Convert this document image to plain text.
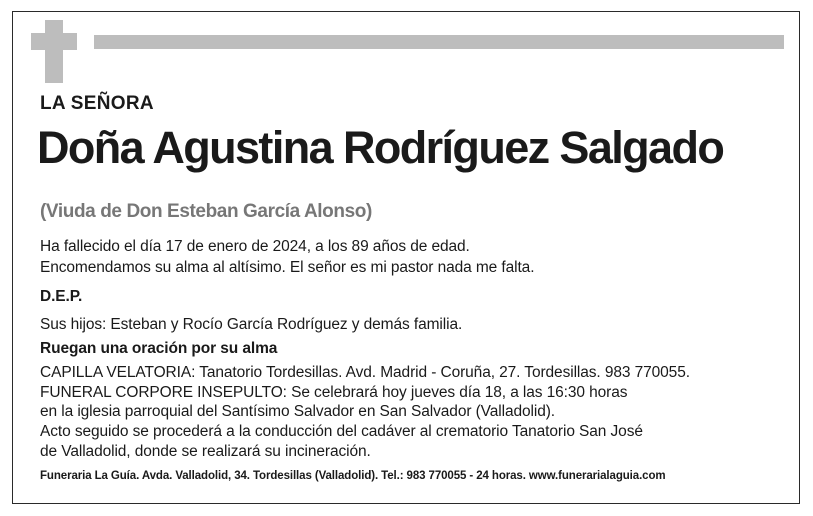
LA SEÑORA
Doña Agustina Rodríguez Salgado
(Viuda de Don Esteban García Alonso)
Ha fallecido el día 17 de enero de 2024, a los 89 años de edad.
Encomendamos su alma al altísimo. El señor es mi pastor nada me falta.
D.E.P.
Sus hijos: Esteban y Rocío García Rodríguez y demás familia.
Ruegan una oración por su alma
CAPILLA VELATORIA: Tanatorio Tordesillas. Avd. Madrid - Coruña, 27. Tordesillas. 983 770055.
FUNERAL CORPORE INSEPULTO: Se celebrará hoy jueves día 18, a las 16:30 horas
en la iglesia parroquial del Santísimo Salvador en San Salvador (Valladolid).
Acto seguido se procederá a la conducción del cadáver al crematorio Tanatorio San José
de Valladolid, donde se realizará su incineración.
Funeraria La Guía. Avda. Valladolid, 34. Tordesillas (Valladolid). Tel.: 983 770055 - 24 horas. www.funerarialaguia.com
